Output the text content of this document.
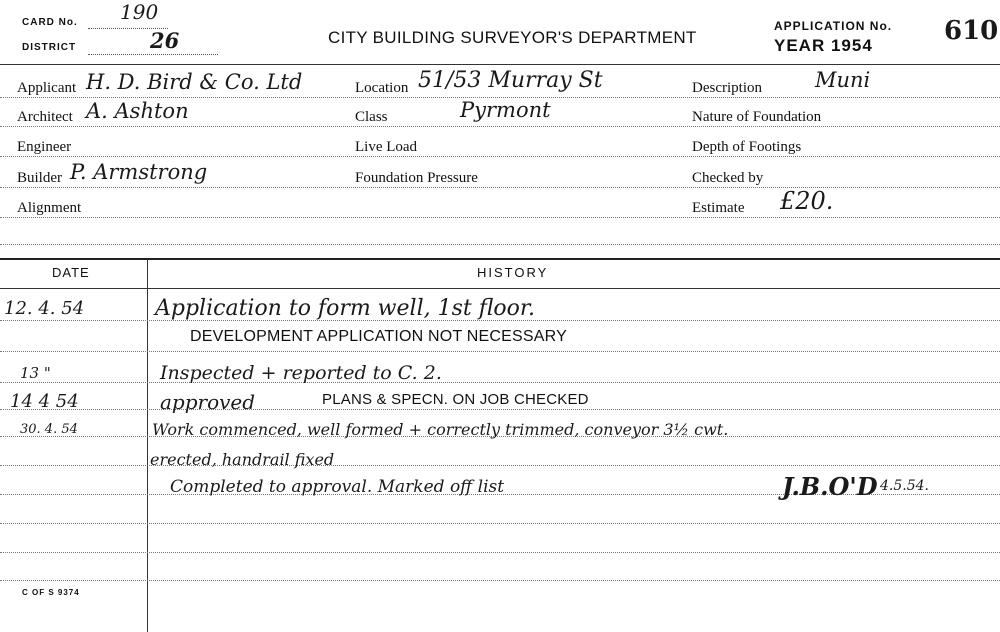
CARD No. 190
DISTRICT	26	CITY BUILDING SURVEYOR'S DEPARTMENT
APPLICATION No. 610
YEAR 1954
Applicant H. D. Bird & Co. Ltd
Architect A. Ashton
Engineer
Builder P. Armstrong
Alignment
Location 51/53 Murray St
Class	Pyrmont
Live Load
Foundation Pressure
Description	Muni
Nature of Foundation
Depth of Footings
Checked by
Estimate £20.
DATE	HISTORY
12. 4. 54	Application to form well, 1st floor.
DEVELOPMENT APPLICATION NOT NECESSARY
13 "	Inspected + reported to C. 2.
14 4 54	approved	PLANS & SPECN. ON JOB CHECKED
30. 4. 54	Work commenced, well formed + correctly trimmed, conveyor 3½ cwt.
erected, handrail fixed
Completed to approval. Marked off list	J.B.O'D 4.5.54.
C OF S 9374
